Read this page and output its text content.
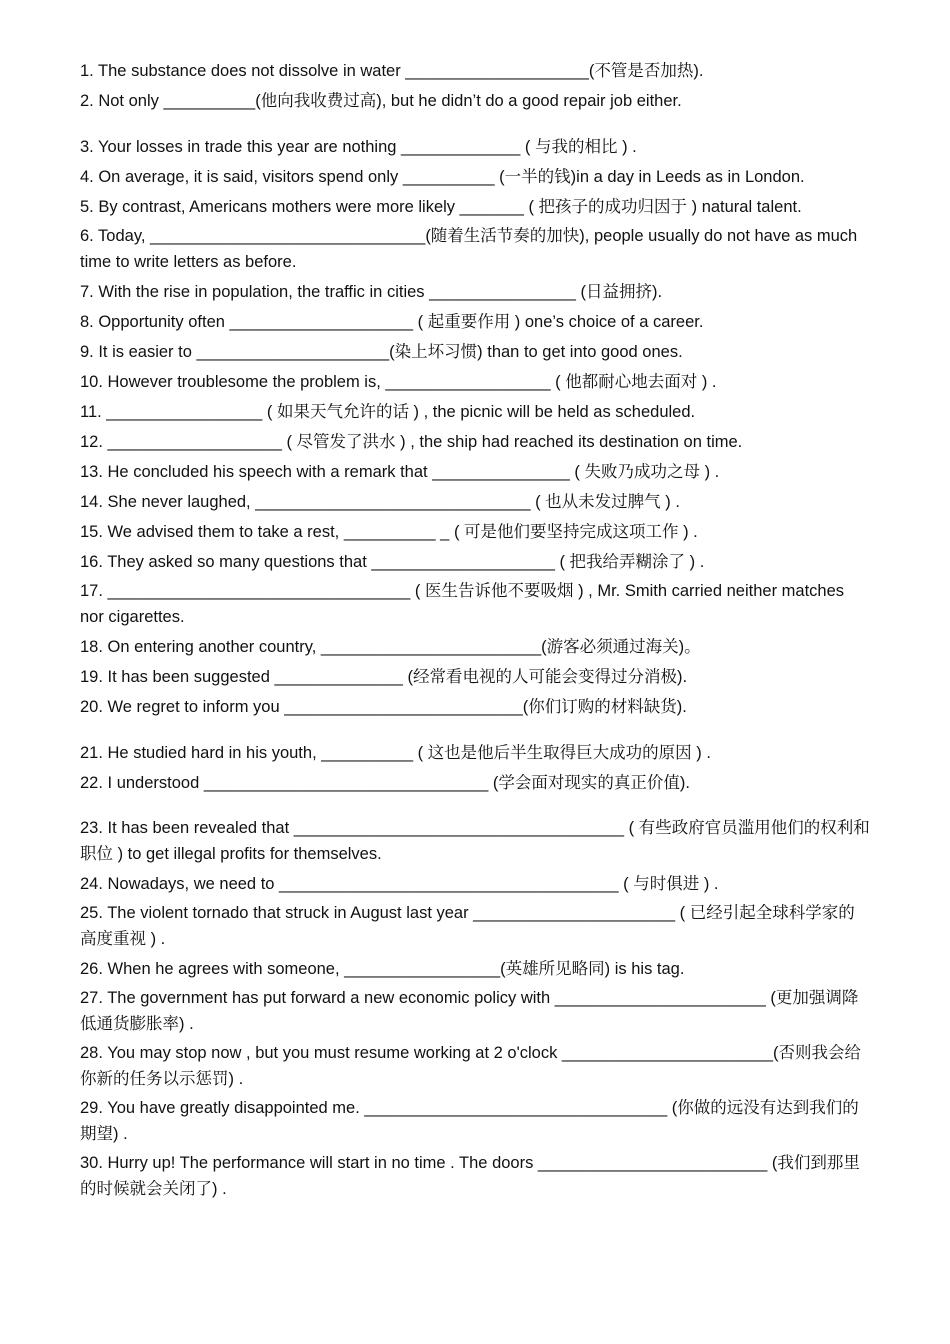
1. The substance does not dissolve in water ____________________(不管是否加热).

2. Not only __________(他向我收费过高), but he didn’t do a good repair job either.

3. Your losses in trade this year are nothing _____________ ( 与我的相比 ) .

4. On average, it is said, visitors spend only __________ (一半的钱)in a day in Leeds as in London.

5. By contrast, Americans mothers were more likely _______ ( 把孩子的成功归因于 ) natural talent.

6. Today, ______________________________(随着生活节奏的加快), people usually do not have as much time to write letters as before.

7. With the rise in population, the traffic in cities ________________ (日益拥挤).

8. Opportunity often ____________________ ( 起重要作用 ) one’s choice of a career.

9. It is easier to _____________________(染上坏习惯) than to get into good ones.

10. However troublesome the problem is, __________________ ( 他都耐心地去面对 ) .

11. _________________ ( 如果天气允许的话 ) , the picnic will be held as scheduled.

12. ___________________ ( 尽管发了洪水 ) , the ship had reached its destination on time.

13. He concluded his speech with a remark that _______________ ( 失败乃成功之母 ) .

14. She never laughed, ______________________________ ( 也从未发过脾气 ) .

15. We advised them to take a rest, __________ _ ( 可是他们要坚持完成这项工作 ) .

16. They asked so many questions that ____________________ ( 把我给弄糊涂了 ) .

17. _________________________________ ( 医生告诉他不要吸烟 ) , Mr. Smith carried neither matches nor cigarettes.

18. On entering another country, ________________________(游客必须通过海关)。

19. It has been suggested ______________ (经常看电视的人可能会变得过分消极).

20. We regret to inform you __________________________(你们订购的材料缺货).

21. He studied hard in his youth, __________ ( 这也是他后半生取得巨大成功的原因 ) .

22. I understood _______________________________ (学会面对现实的真正价值).

23. It has been revealed that ____________________________________ ( 有些政府官员滥用他们的权利和职位 ) to get illegal profits for themselves.

24. Nowadays, we need to _____________________________________ ( 与时俱进 ) .

25. The violent tornado that struck in August last year ______________________ ( 已经引起全球科学家的高度重视 ) .

26. When he agrees with someone, _________________(英雄所见略同) is his tag.

27. The government has put forward a new economic policy with _______________________ (更加强调降低通货膨胀率) .

28. You may stop now , but you must resume working at 2 o'clock _______________________(否则我会给你新的任务以示惩罚) .

29. You have greatly disappointed me. _________________________________ (你做的远没有达到我们的期望) .

30. Hurry up! The performance will start in no time . The doors _________________________ (我们到那里的时候就会关闭了) .
